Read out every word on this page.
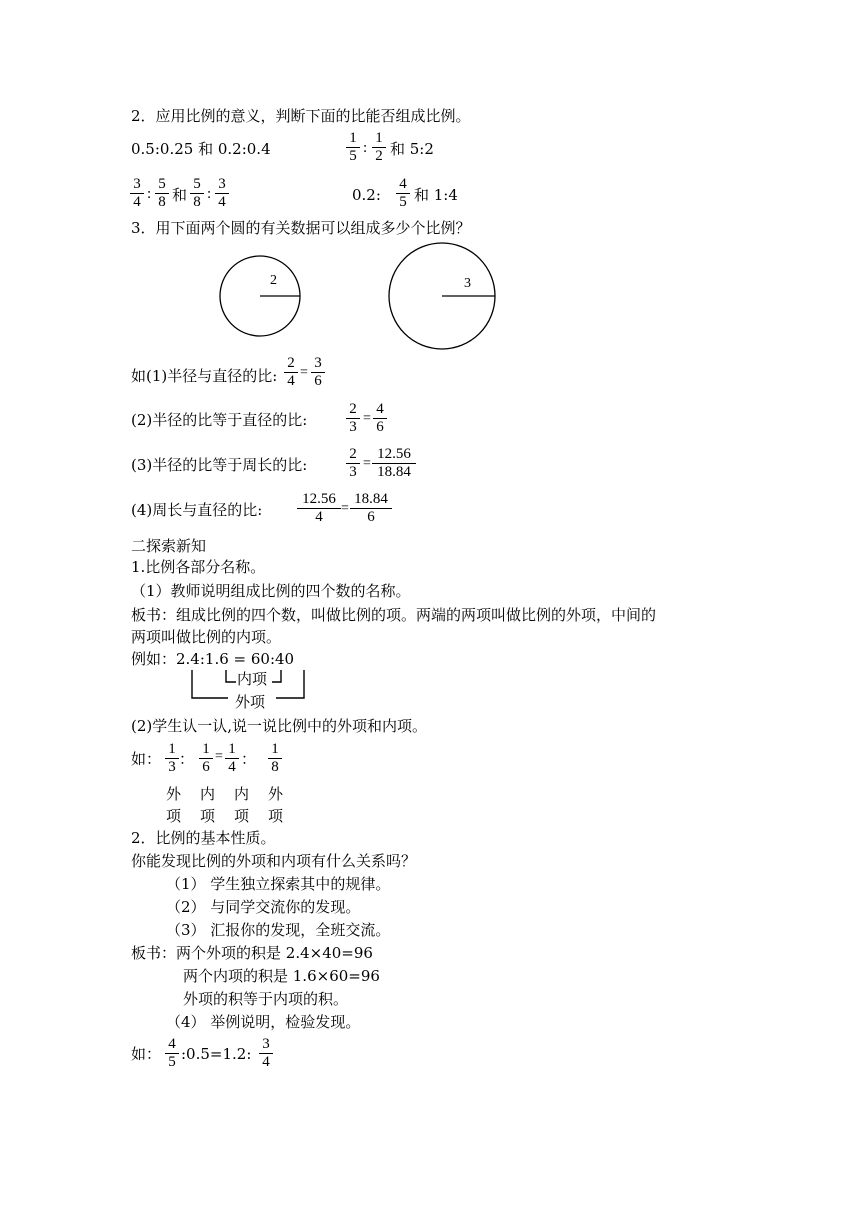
2．应用比例的意义，判断下面的比能否组成比例。
0.5:0.25 和 0.2:0.4
1
5 :
1
2 和 5:2
3
4 :
5
8 和
5
8 :
3
4	0.2:
4
5 和 1:4
3．用下面两个圆的有关数据可以组成多少个比例？
2	3
如(1)半径与直径的比:
2
4
=
3
6
(2)半径的比等于直径的比:
2
3
=
4
6
(3)半径的比等于周长的比:
2
3
=
12.56
18.84
(4)周长与直径的比:
12.56
4
=
18.84
6
二探索新知
1.比例各部分名称。
（1）教师说明组成比例的四个数的名称。
板书：组成比例的四个数，叫做比例的项。两端的两项叫做比例的外项，中间的
两项叫做比例的内项。
例如：2.4:1.6 = 60:40
内项
外项
(2)学生认一认,说一说比例中的外项和内项。
如：
1
3 ：
1
6
= 1
4 ：
1
8
外 内 内 外
项 项 项 项
2．比例的基本性质。
你能发现比例的外项和内项有什么关系吗？
（1） 学生独立探索其中的规律。
（2） 与同学交流你的发现。
（3） 汇报你的发现，全班交流。
板书：两个外项的积是 2.4×40=96
两个内项的积是 1.6×60=96
外项的积等于内项的积。
（4） 举例说明，检验发现。
如：
4
5 :0.5=1.2:
3
4
